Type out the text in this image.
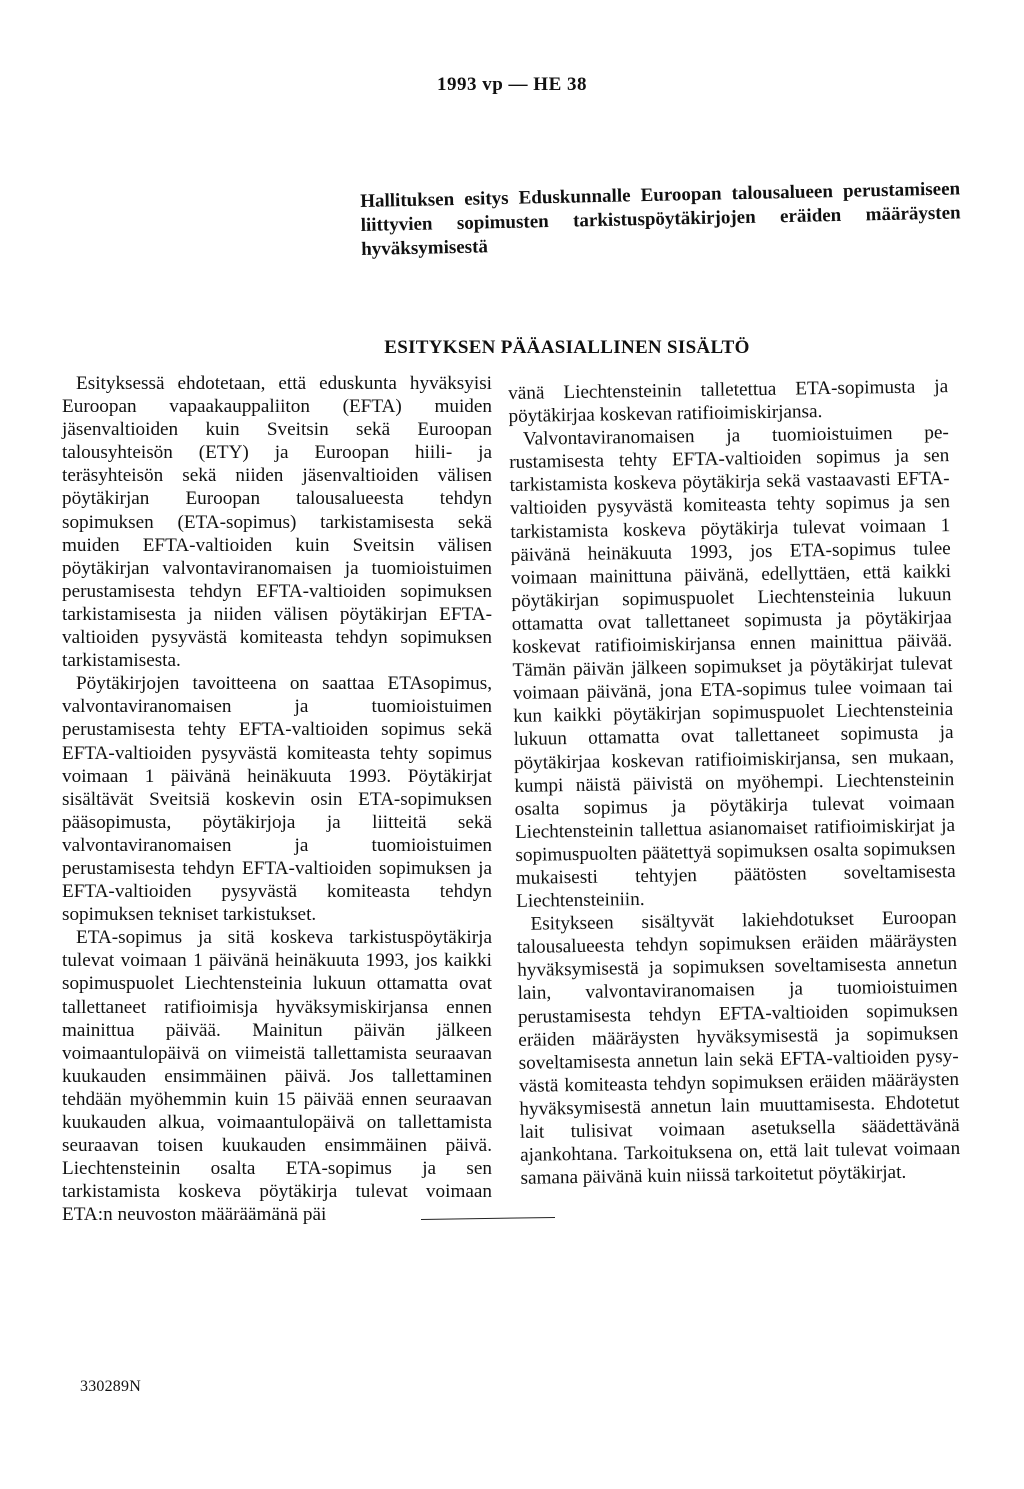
1993 vp — HE 38
Hallituksen esitys Eduskunnalle Euroopan talousalueen perustamiseen liittyvien sopimusten tarkistuspöytäkirjojen eräiden määräysten hyväksymisestä
ESITYKSEN PÄÄASIALLINEN SISÄLTÖ

Esityksessä ehdotetaan, että eduskunta hyväksyisi Euroopan vapaakauppaliiton (EFTA) muiden jäsenvaltioiden kuin Sveitsin sekä Euroopan talousyhteisön (ETY) ja Euroopan hiili- ja teräsyhteisön sekä niiden jäsenvaltioiden välisen pöytäkirjan Euroopan talousalueesta tehdyn sopimuksen (ETA-sopimus) tarkistamisesta sekä muiden EFTA-valtioiden kuin Sveitsin välisen pöytäkirjan valvontaviranomaisen ja tuomioistuimen perustamisesta tehdyn EFTA-valtioiden sopimuksen tarkistamisesta ja niiden välisen pöytäkirjan EFTA-valtioiden pysyvästä komiteasta tehdyn sopimuksen tarkistamisesta.

Pöytäkirjojen tavoitteena on saattaa ETAsopimus, valvontaviranomaisen ja tuomioistuimen perustamisesta tehty EFTA-valtioiden sopimus sekä EFTA-valtioiden pysyvästä komiteasta tehty sopimus voimaan 1 päivänä heinäkuuta 1993. Pöytäkirjat sisältävät Sveitsiä koskevin osin ETA-sopimuksen pääsopimusta, pöytäkirjoja ja liitteitä sekä valvontaviranomaisen ja tuomioistuimen perustamisesta tehdyn EFTA-valtioiden sopimuksen ja EFTA-valtioiden pysyvästä komiteasta tehdyn sopimuksen tekniset tarkistukset.

ETA-sopimus ja sitä koskeva tarkistuspöytäkirja tulevat voimaan 1 päivänä heinäkuuta 1993, jos kaikki sopimuspuolet Liechtensteinia lukuun ottamatta ovat tallettaneet ratifioimisja hyväksymiskirjansa ennen mainittua päivää. Mainitun päivän jälkeen voimaantulopäivä on viimeistä tallettamista seuraavan kuukauden ensimmäinen päivä. Jos tallettaminen tehdään myöhemmin kuin 15 päivää ennen seuraavan kuukauden alkua, voimaantulopäivä on tallettamista seuraavan toisen kuukauden ensimmäinen päivä. Liechtensteinin osalta ETA-sopimus ja sen tarkistamista koskeva pöytäkirja tulevat voimaan ETA:n neuvoston määräämänä päi

vänä Liechtensteinin talletettua ETA-sopimusta ja pöytäkirjaa koskevan ratifioimiskirjansa.

Valvontaviranomaisen ja tuomioistuimen perustamisesta tehty EFTA-valtioiden sopimus ja sen tarkistamista koskeva pöytäkirja sekä vastaavasti EFTA-valtioiden pysyvästä komiteasta tehty sopimus ja sen tarkistamista koskeva pöytäkirja tulevat voimaan 1 päivänä heinäkuuta 1993, jos ETA-sopimus tulee voimaan mainittuna päivänä, edellyttäen, että kaikki pöytäkirjan sopimuspuolet Liechtensteinia lukuun ottamatta ovat tallettaneet sopimusta ja pöytäkirjaa koskevat ratifioimiskirjansa ennen mainittua päivää. Tämän päivän jälkeen sopimukset ja pöytäkirjat tulevat voimaan päivänä, jona ETA-sopimus tulee voimaan tai kun kaikki pöytäkirjan sopimuspuolet Liechtensteinia lukuun ottamatta ovat tallettaneet sopimusta ja pöytäkirjaa koskevan ratifioimiskirjansa, sen mukaan, kumpi näistä päivistä on myöhempi. Liechtensteinin osalta sopimus ja pöytäkirja tulevat voimaan Liechtensteinin tallettua asianomaiset ratifioimiskirjat ja sopimuspuolten päätettyä sopimuksen osalta sopimuksen mukaisesti tehtyjen päätösten soveltamisesta Liechtensteiniin.

Esitykseen sisältyvät lakiehdotukset Euroopan talousalueesta tehdyn sopimuksen eräiden määräysten hyväksymisestä ja sopimuksen soveltamisesta annetun lain, valvontaviranomaisen ja tuomioistuimen perustamisesta tehdyn EFTA-valtioiden sopimuksen eräiden määräysten hyväksymisestä ja sopimuksen soveltamisesta annetun lain sekä EFTA-valtioiden pysyvästä komiteasta tehdyn sopimuksen eräiden määräysten hyväksymisestä annetun lain muuttamisesta. Ehdotetut lait tulisivat voimaan asetuksella säädettävänä ajankohtana. Tarkoituksena on, että lait tulevat voimaan samana päivänä kuin niissä tarkoitetut pöytäkirjat.

330289N
